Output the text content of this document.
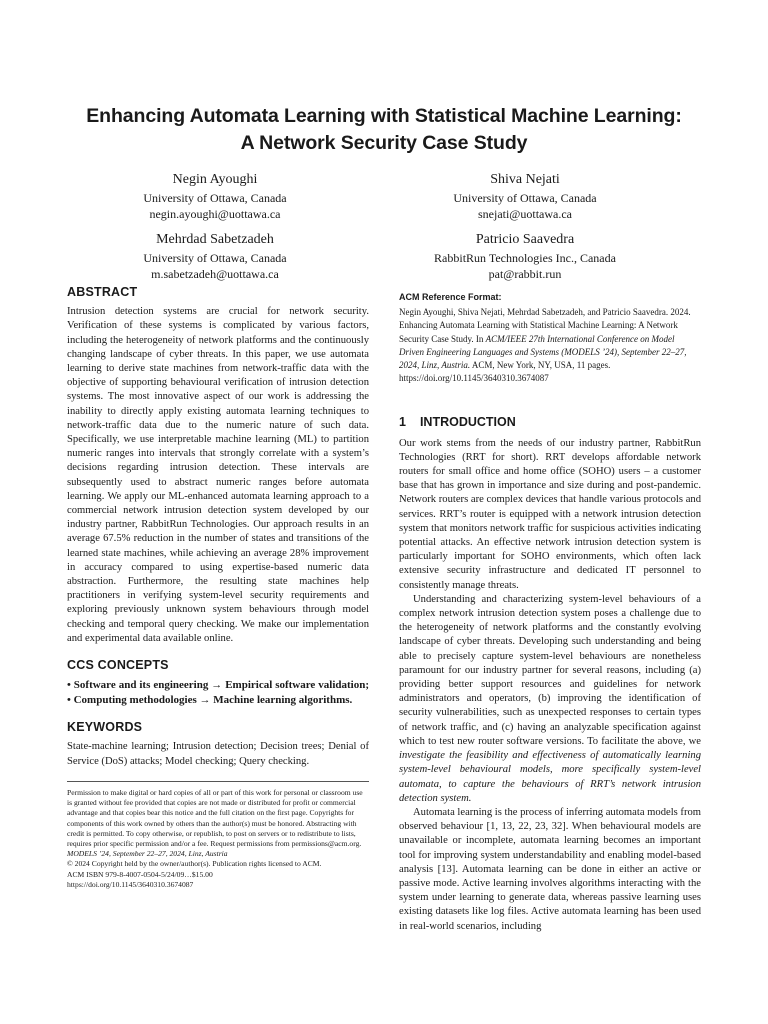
Enhancing Automata Learning with Statistical Machine Learning:
A Network Security Case Study
Negin Ayoughi
University of Ottawa, Canada
negin.ayoughi@uottawa.ca
Shiva Nejati
University of Ottawa, Canada
snejati@uottawa.ca
Mehrdad Sabetzadeh
University of Ottawa, Canada
m.sabetzadeh@uottawa.ca
Patricio Saavedra
RabbitRun Technologies Inc., Canada
pat@rabbit.run
ABSTRACT

Intrusion detection systems are crucial for network security. Verification of these systems is complicated by various factors, including the heterogeneity of network platforms and the continuously changing landscape of cyber threats. In this paper, we use automata learning to derive state machines from network-traffic data with the objective of supporting behavioural verification of intrusion detection systems. The most innovative aspect of our work is addressing the inability to directly apply existing automata learning techniques to network-traffic data due to the numeric nature of such data. Specifically, we use interpretable machine learning (ML) to partition numeric ranges into intervals that strongly correlate with a system’s decisions regarding intrusion detection. These intervals are subsequently used to abstract numeric ranges before automata learning. We apply our ML-enhanced automata learning approach to a commercial network intrusion detection system developed by our industry partner, RabbitRun Technologies. Our approach results in an average 67.5% reduction in the number of states and transitions of the learned state machines, while achieving an average 28% improvement in accuracy compared to using expertise-based numeric data abstraction. Furthermore, the resulting state machines help practitioners in verifying system-level security requirements and exploring previously unknown system behaviours through model checking and temporal query checking. We make our implementation and experimental data available online.

CCS CONCEPTS

• Software and its engineering → Empirical software validation; • Computing methodologies → Machine learning algorithms.

KEYWORDS

State-machine learning; Intrusion detection; Decision trees; Denial of Service (DoS) attacks; Model checking; Query checking.

Permission to make digital or hard copies of all or part of this work for personal or classroom use is granted without fee provided that copies are not made or distributed for profit or commercial advantage and that copies bear this notice and the full citation on the first page. Copyrights for components of this work owned by others than the author(s) must be honored. Abstracting with credit is permitted. To copy otherwise, or republish, to post on servers or to redistribute to lists, requires prior specific permission and/or a fee. Request permissions from permissions@acm.org.
MODELS ’24, September 22–27, 2024, Linz, Austria
© 2024 Copyright held by the owner/author(s). Publication rights licensed to ACM.
ACM ISBN 979-8-4007-0504-5/24/09…$15.00
https://doi.org/10.1145/3640310.3674087
ACM Reference Format:
Negin Ayoughi, Shiva Nejati, Mehrdad Sabetzadeh, and Patricio Saavedra. 2024. Enhancing Automata Learning with Statistical Machine Learning: A Network Security Case Study. In ACM/IEEE 27th International Conference on Model Driven Engineering Languages and Systems (MODELS ’24), September 22–27, 2024, Linz, Austria. ACM, New York, NY, USA, 11 pages. https://doi.org/10.1145/3640310.3674087
1 INTRODUCTION

Our work stems from the needs of our industry partner, RabbitRun Technologies (RRT for short). RRT develops affordable network routers for small office and home office (SOHO) users – a customer base that has grown in importance and size during and post-pandemic. Network routers are complex devices that handle various protocols and services. RRT’s router is equipped with a network intrusion detection system that monitors network traffic for suspicious activities indicating potential attacks. An effective network intrusion detection system is particularly important for SOHO environments, which often lack extensive security infrastructure and dedicated IT personnel to consistently manage threats.

Understanding and characterizing system-level behaviours of a complex network intrusion detection system poses a challenge due to the heterogeneity of network platforms and the constantly evolving landscape of cyber threats. Developing such understanding and being able to precisely capture system-level behaviours are nonetheless paramount for our industry partner for several reasons, including (a) providing better support resources and guidelines for network administrators and operators, (b) improving the identification of security vulnerabilities, such as unexpected responses to certain types of network traffic, and (c) having an analyzable specification against which to test new router software versions. To facilitate the above, we investigate the feasibility and effectiveness of automatically learning system-level behavioural models, more specifically system-level automata, to capture the behaviours of RRT’s network intrusion detection system.

Automata learning is the process of inferring automata models from observed behaviour [1, 13, 22, 23, 32]. When behavioural models are unavailable or incomplete, automata learning becomes an important tool for improving system understandability and enabling model-based analysis [13]. Automata learning can be done in either an active or passive mode. Active learning involves algorithms interacting with the system under learning to generate data, whereas passive learning uses existing datasets like log files. Active automata learning has been used in real-world scenarios, including
